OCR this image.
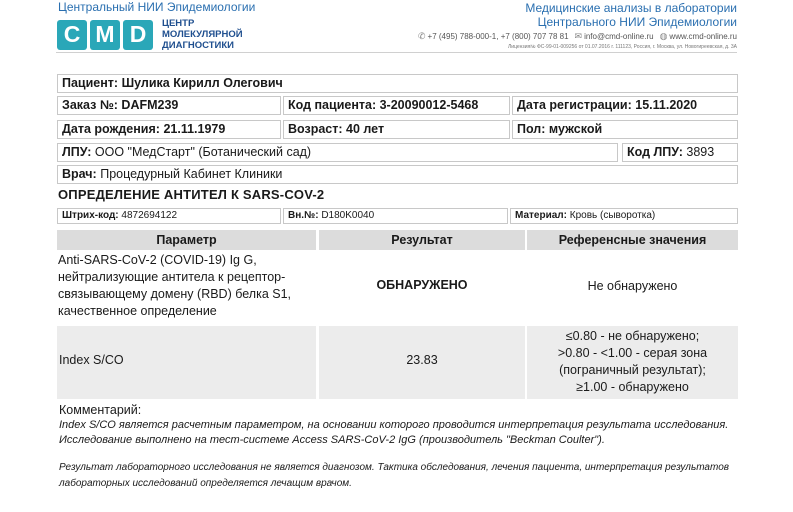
Центральный НИИ Эпидемиологии
C M D	ЦЕНТР
МОЛЕКУЛЯРНОЙ
ДИАГНОСТИКИ
Медицинские анализы в лаборатории
Центрального НИИ Эпидемиологии
✆ +7 (495) 788-000-1, +7 (800) 707 78 81 ✉ info@cmd-online.ru ◍ www.cmd-online.ru
Лицензия№ ФС-99-01-009256 от 01.07.2016 г. 111123, Россия, г. Москва, ул. Новогиреевская, д. 3А
Пациент: Шулика Кирилл Олегович
Заказ №: DAFM239	Код пациента: 3-20090012-5468	Дата регистрации: 15.11.2020
Дата рождения: 21.11.1979	Возраст: 40 лет	Пол: мужской
ЛПУ: ООО "МедСтарт" (Ботанический сад)	Код ЛПУ: 3893
Врач: Процедурный Кабинет Клиники
ОПРЕДЕЛЕНИЕ АНТИТЕЛ К SARS-COV-2
Штрих-код: 4872694122	Вн.№: D180K0040	Материал: Кровь (сыворотка)
Параметр	Результат	Референсные значения
Anti-SARS-CoV-2 (COVID-19) Ig G,
нейтрализующие антитела к рецептор-
связывающему домену (RBD) белка S1,
качественное определение
ОБНАРУЖЕНО	Не обнаружено
Index S/CO	23.83
≤0.80 - не обнаружено;
>0.80 - <1.00 - серая зона
(пограничный результат);
≥1.00 - обнаружено
Комментарий:
Index S/CO является расчетным параметром, на основании которого проводится интерпретация результата исследования. Исследование выполнено на тест-системе Access SARS-CoV-2 IgG (производитель "Beckman Coulter").
Результат лабораторного исследования не является диагнозом. Тактика обследования, лечения пациента, интерпретация результатов лабораторных исследований определяется лечащим врачом.
